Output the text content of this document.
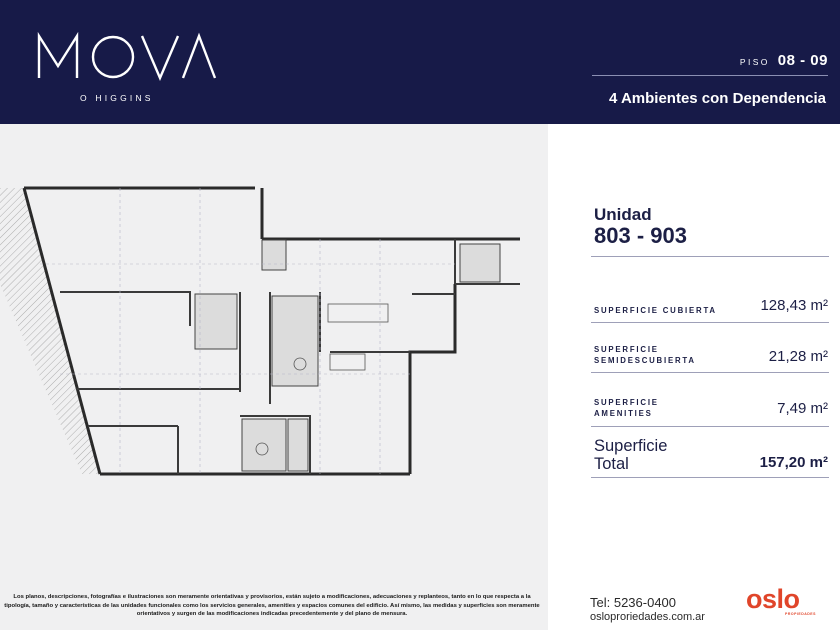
MOVA
O HIGGINS
PISO 08 - 09
4 Ambientes con Dependencia
Los planos, descripciones, fotografías e ilustraciones son meramente orientativas y provisorios, están sujeto a modificaciones, adecuaciones y replanteos, tanto en lo que respecta a la tipología, tamaño y características de las unidades funcionales como los servicios generales, amenities y espacios comunes del edificio. Así mismo, las medidas y superficies son meramente orientativos y surgen de las modificaciones indicadas precedentemente y del plano de mensura.
Unidad
803 - 903
SUPERFICIE CUBIERTA	128,43 m²
SUPERFICIE
SEMIDESCUBIERTA	21,28 m²
SUPERFICIE
AMENITIES	7,49 m²
Superficie
Total	157,20 m²
Tel: 5236-0400
osloproriedades.com.ar
oslo
PROPIEDADES
